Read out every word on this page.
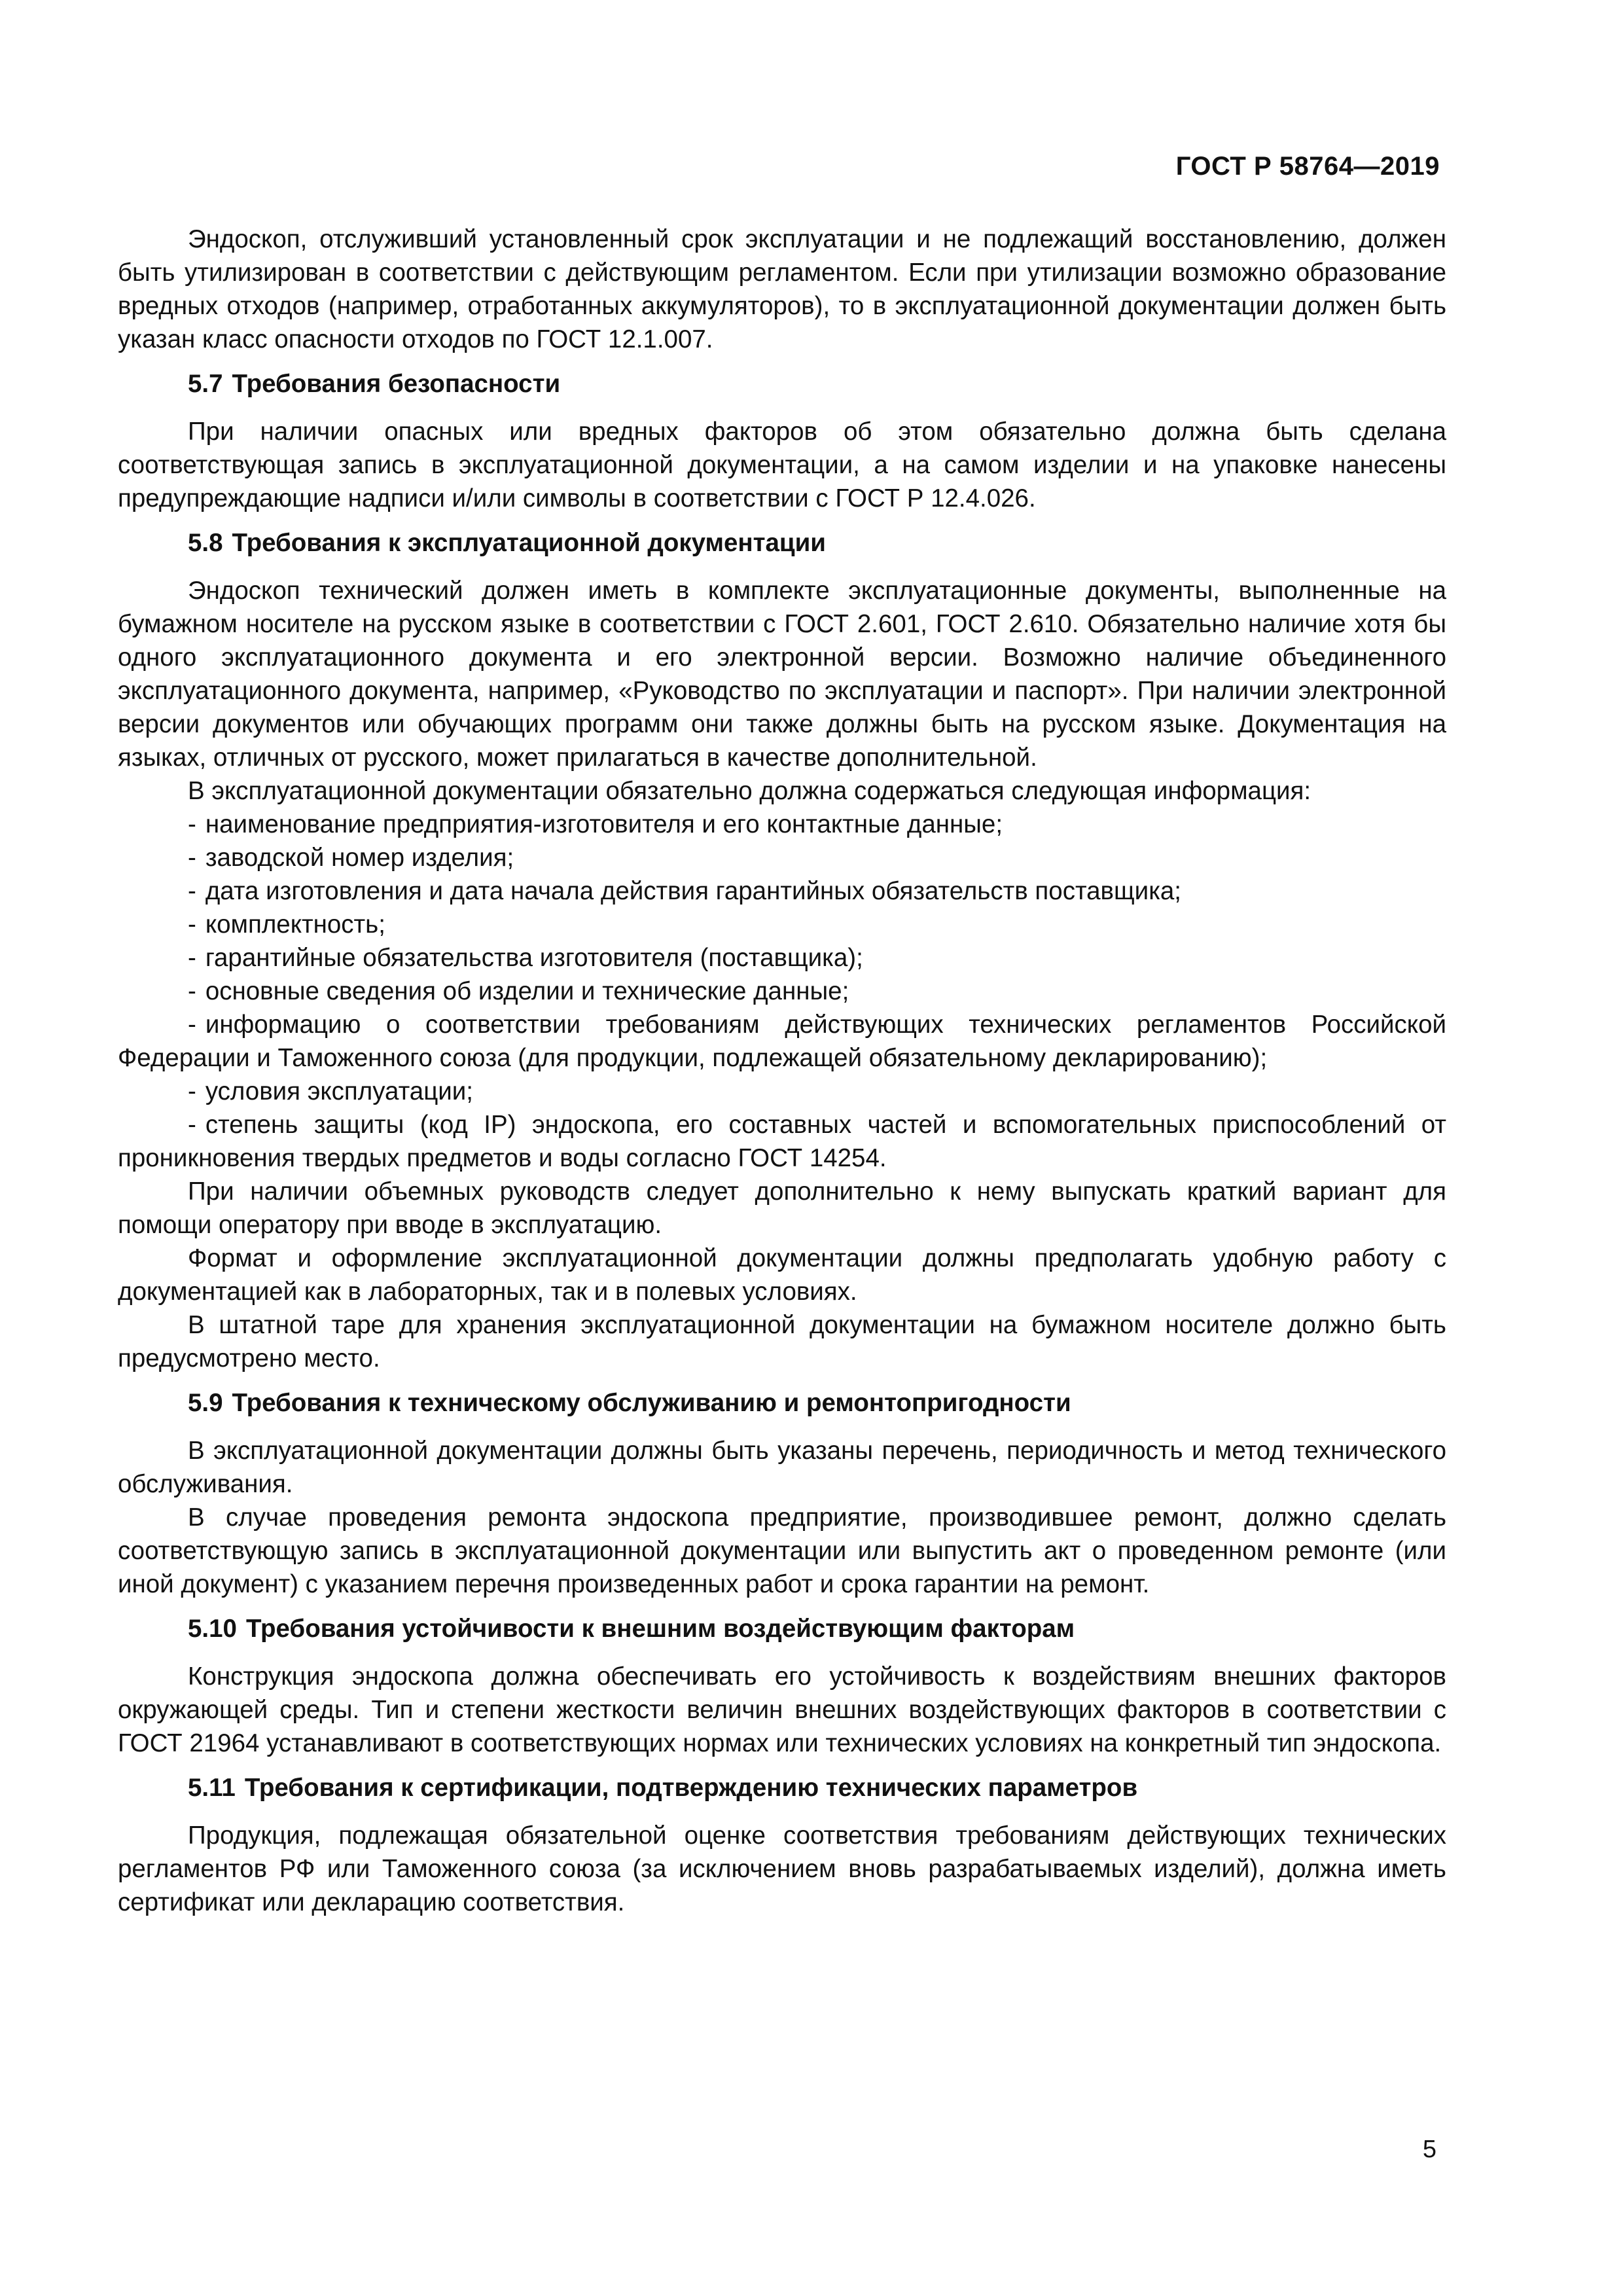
ГОСТ Р 58764—2019

Эндоскоп, отслуживший установленный срок эксплуатации и не подлежащий восстановлению, должен быть утилизирован в соответствии с действующим регламентом. Если при утилизации возможно образование вредных отходов (например, отработанных аккумуляторов), то в эксплуатационной документации должен быть указан класс опасности отходов по ГОСТ 12.1.007.

5.7 Требования безопасности

При наличии опасных или вредных факторов об этом обязательно должна быть сделана соответствующая запись в эксплуатационной документации, а на самом изделии и на упаковке нанесены предупреждающие надписи и/или символы в соответствии с ГОСТ Р 12.4.026.

5.8 Требования к эксплуатационной документации

Эндоскоп технический должен иметь в комплекте эксплуатационные документы, выполненные на бумажном носителе на русском языке в соответствии с ГОСТ 2.601, ГОСТ 2.610. Обязательно наличие хотя бы одного эксплуатационного документа и его электронной версии. Возможно наличие объединенного эксплуатационного документа, например, «Руководство по эксплуатации и паспорт». При наличии электронной версии документов или обучающих программ они также должны быть на русском языке. Документация на языках, отличных от русского, может прилагаться в качестве дополнительной.

В эксплуатационной документации обязательно должна содержаться следующая информация:

- наименование предприятия-изготовителя и его контактные данные;
- заводской номер изделия;
- дата изготовления и дата начала действия гарантийных обязательств поставщика;
- комплектность;
- гарантийные обязательства изготовителя (поставщика);
- основные сведения об изделии и технические данные;
- информацию о соответствии требованиям действующих технических регламентов Российской Федерации и Таможенного союза (для продукции, подлежащей обязательному декларированию);
- условия эксплуатации;
- степень защиты (код IP) эндоскопа, его составных частей и вспомогательных приспособлений от проникновения твердых предметов и воды согласно ГОСТ 14254.

При наличии объемных руководств следует дополнительно к нему выпускать краткий вариант для помощи оператору при вводе в эксплуатацию.

Формат и оформление эксплуатационной документации должны предполагать удобную работу с документацией как в лабораторных, так и в полевых условиях.

В штатной таре для хранения эксплуатационной документации на бумажном носителе должно быть предусмотрено место.

5.9 Требования к техническому обслуживанию и ремонтопригодности

В эксплуатационной документации должны быть указаны перечень, периодичность и метод технического обслуживания.

В случае проведения ремонта эндоскопа предприятие, производившее ремонт, должно сделать соответствующую запись в эксплуатационной документации или выпустить акт о проведенном ремонте (или иной документ) с указанием перечня произведенных работ и срока гарантии на ремонт.

5.10 Требования устойчивости к внешним воздействующим факторам

Конструкция эндоскопа должна обеспечивать его устойчивость к воздействиям внешних факторов окружающей среды. Тип и степени жесткости величин внешних воздействующих факторов в соответствии с ГОСТ 21964 устанавливают в соответствующих нормах или технических условиях на конкретный тип эндоскопа.

5.11 Требования к сертификации, подтверждению технических параметров

Продукция, подлежащая обязательной оценке соответствия требованиям действующих технических регламентов РФ или Таможенного союза (за исключением вновь разрабатываемых изделий), должна иметь сертификат или декларацию соответствия.

5
